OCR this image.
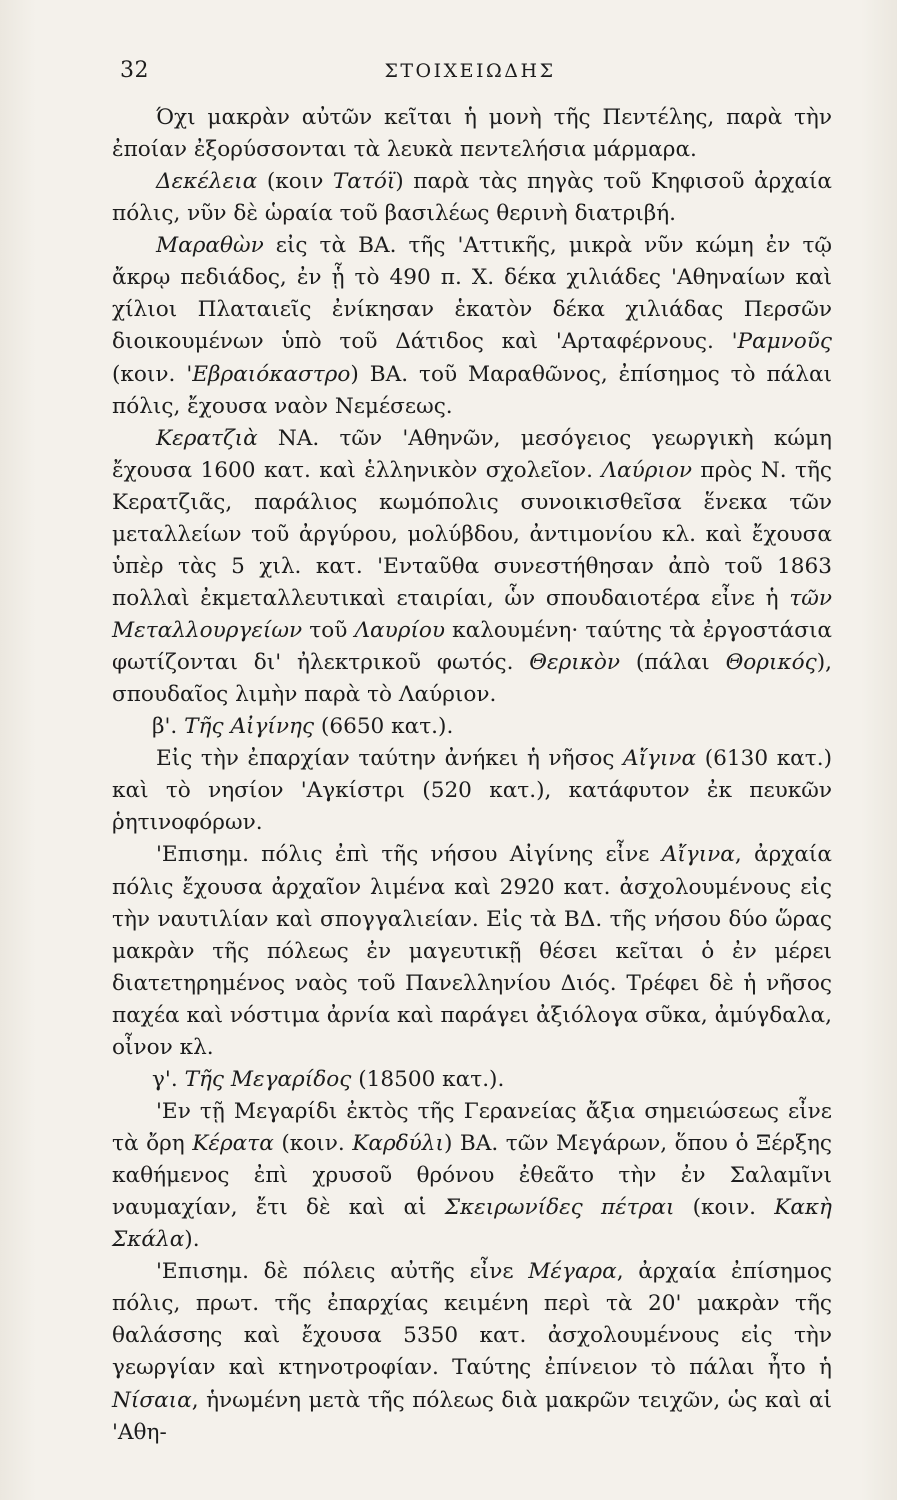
32	ΣΤΟΙΧΕΙΩΔΗΣ

Όχι μακρὰν αὐτῶν κεῖται ἡ μονὴ τῆς Πεντέλης, παρὰ τὴν ἐποίαν ἐξορύσσονται τὰ λευκὰ πεντελήσια μάρμαρα.

Δεκέλεια (κοιν Τατόϊ) παρὰ τὰς πηγὰς τοῦ Κηφισοῦ ἀρχαία πόλις, νῦν δὲ ὡραία τοῦ βασιλέως θερινὴ διατριβή.

Μαραθὼν εἰς τὰ ΒΑ. τῆς 'Αττικῆς, μικρὰ νῦν κώμη ἐν τῷ ἄκρῳ πεδιάδος, ἐν ᾗ τὸ 490 π. Χ. δέκα χιλιάδες 'Αθηναίων καὶ χίλιοι Πλαταιεῖς ἐνίκησαν ἑκατὸν δέκα χιλιάδας Περσῶν διοικουμένων ὑπὸ τοῦ Δάτιδος καὶ 'Αρταφέρνους. 'Ραμνοῦς (κοιν. 'Εβραιόκαστρο) ΒΑ. τοῦ Μαραθῶνος, ἐπίσημος τὸ πάλαι πόλις, ἔχουσα ναὸν Νεμέσεως.

Κερατζιὰ ΝΑ. τῶν 'Αθηνῶν, μεσόγειος γεωργικὴ κώμη ἔχουσα 1600 κατ. καὶ ἑλληνικὸν σχολεῖον. Λαύριον πρὸς Ν. τῆς Κερατζιᾶς, παράλιος κωμόπολις συνοικισθεῖσα ἕνεκα τῶν μεταλλείων τοῦ ἀργύρου, μολύβδου, ἀντιμονίου κλ. καὶ ἔχουσα ὑπὲρ τὰς 5 χιλ. κατ. 'Ενταῦθα συνεστήθησαν ἀπὸ τοῦ 1863 πολλαὶ ἐκμεταλλευτικαὶ εταιρίαι, ὧν σπουδαιοτέρα εἶνε ἡ τῶν Μεταλλουργείων τοῦ Λαυρίου καλουμένη· ταύτης τὰ ἐργοστάσια φωτίζονται δι' ἠλεκτρικοῦ φωτός. Θερικὸν (πάλαι Θορικός), σπουδαῖος λιμὴν παρὰ τὸ Λαύριον.

β'. Τῆς Αἰγίνης (6650 κατ.).

Εἰς τὴν ἐπαρχίαν ταύτην ἀνήκει ἡ νῆσος Αἴγινα (6130 κατ.) καὶ τὸ νησίον 'Αγκίστρι (520 κατ.), κατάφυτον ἐκ πευκῶν ῥητινοφόρων.

'Επισημ. πόλις ἐπὶ τῆς νήσου Αἰγίνης εἶνε Αἴγινα, ἀρχαία πόλις ἔχουσα ἀρχαῖον λιμένα καὶ 2920 κατ. ἀσχολουμένους εἰς τὴν ναυτιλίαν καὶ σπογγαλιείαν. Εἰς τὰ ΒΔ. τῆς νήσου δύο ὥρας μακρὰν τῆς πόλεως ἐν μαγευτικῇ θέσει κεῖται ὁ ἐν μέρει διατετηρημένος ναὸς τοῦ Πανελληνίου Διός. Τρέφει δὲ ἡ νῆσος παχέα καὶ νόστιμα ἀρνία καὶ παράγει ἀξιόλογα σῦκα, ἀμύγδαλα, οἶνον κλ.

γ'. Τῆς Μεγαρίδος (18500 κατ.).

'Εν τῇ Μεγαρίδι ἐκτὸς τῆς Γερανείας ἄξια σημειώσεως εἶνε τὰ ὄρη Κέρατα (κοιν. Καρδύλι) ΒΑ. τῶν Μεγάρων, ὅπου ὁ Ξέρξης καθήμενος ἐπὶ χρυσοῦ θρόνου ἐθεᾶτο τὴν ἐν Σαλαμῖνι ναυμαχίαν, ἔτι δὲ καὶ αἱ Σκειρωνίδες πέτραι (κοιν. Κακὴ Σκάλα).

'Επισημ. δὲ πόλεις αὐτῆς εἶνε Μέγαρα, ἀρχαία ἐπίσημος πόλις, πρωτ. τῆς ἐπαρχίας κειμένη περὶ τὰ 20' μακρὰν τῆς θαλάσσης καὶ ἔχουσα 5350 κατ. ἀσχολουμένους εἰς τὴν γεωργίαν καὶ κτηνοτροφίαν. Ταύτης ἐπίνειον τὸ πάλαι ἦτο ἡ Νίσαια, ἡνωμένη μετὰ τῆς πόλεως διὰ μακρῶν τειχῶν, ὡς καὶ αἱ 'Αθη-
